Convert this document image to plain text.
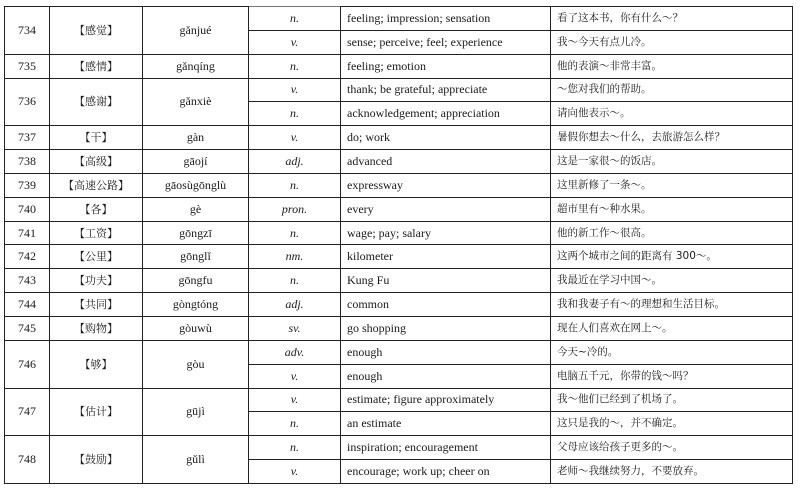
734	【感觉】	gǎnjué	n.	feeling; impression; sensation	看了这本书，你有什么～？
			v.	sense; perceive; feel; experience	我～今天有点儿冷。
735	【感情】	gǎnqíng	n.	feeling; emotion	他的表演～非常丰富。
736	【感谢】	gǎnxiè	v.	thank; be grateful; appreciate	～您对我们的帮助。
			n.	acknowledgement; appreciation	请向他表示～。
737	【干】	gàn	v.	do; work	暑假你想去～什么，去旅游怎么样？
738	【高级】	gāojí	adj.	advanced	这是一家很～的饭店。
739	【高速公路】	gāosùgōnglù	n.	expressway	这里新修了一条～。
740	【各】	gè	pron.	every	超市里有～种水果。
741	【工资】	gōngzī	n.	wage; pay; salary	他的新工作～很高。
742	【公里】	gōnglǐ	nm.	kilometer	这两个城市之间的距离有 300～。
743	【功夫】	gōngfu	n.	Kung Fu	我最近在学习中国～。
744	【共同】	gòngtóng	adj.	common	我和我妻子有～的理想和生活目标。
745	【购物】	gòuwù	sv.	go shopping	现在人们喜欢在网上～。
746	【够】	gòu	adv.	enough	今天~冷的。
			v.	enough	电脑五千元，你带的钱～吗？
747	【估计】	gūjì	v.	estimate; figure approximately	我～他们已经到了机场了。
			n.	an estimate	这只是我的～，并不确定。
748	【鼓励】	gǔlì	n.	inspiration; encouragement	父母应该给孩子更多的～。
			v.	encourage; work up; cheer on	老师～我继续努力，不要放弃。
